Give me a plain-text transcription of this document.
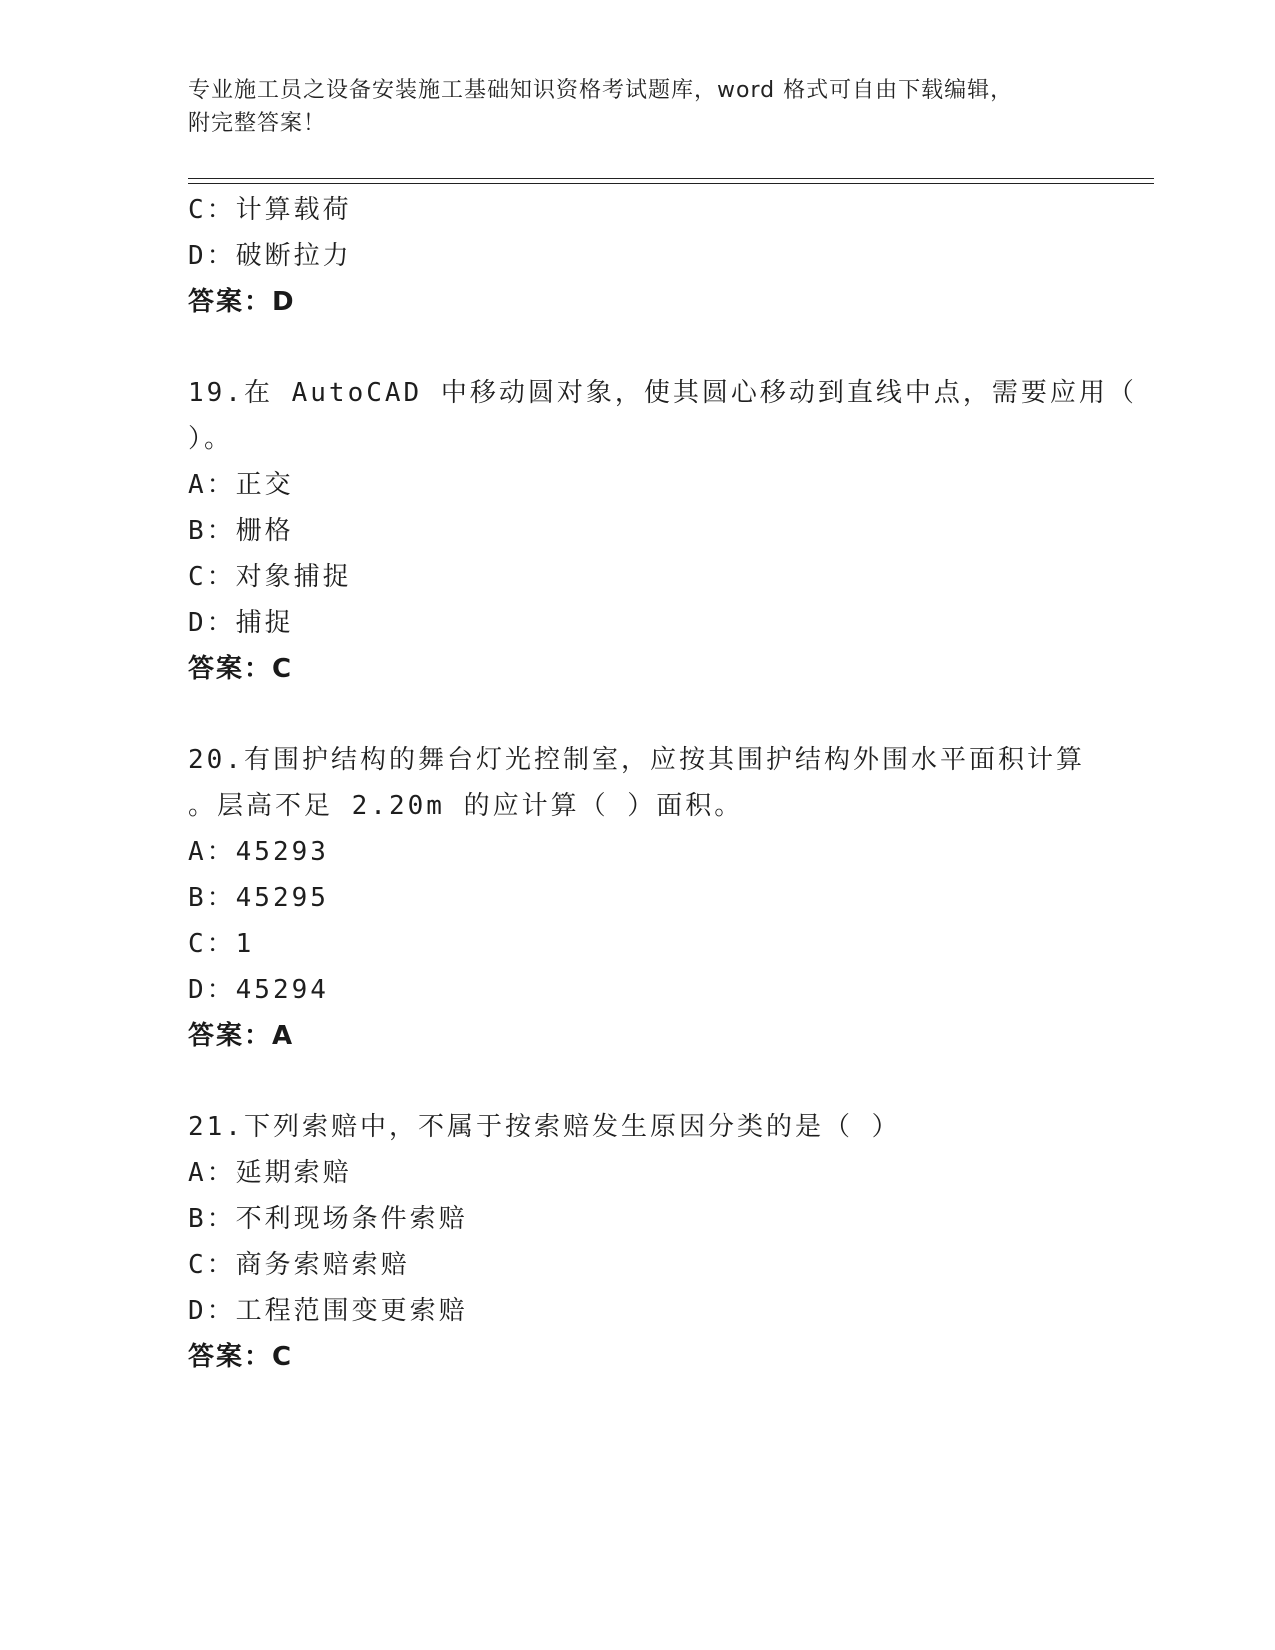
专业施工员之设备安装施工基础知识资格考试题库，word 格式可自由下载编辑，
附完整答案！
C：计算载荷
D：破断拉力
答案：D
19.在 AutoCAD 中移动圆对象，使其圆心移动到直线中点，需要应用（
）。
A：正交
B：栅格
C：对象捕捉
D：捕捉
答案：C
20.有围护结构的舞台灯光控制室，应按其围护结构外围水平面积计算
。层高不足 2.20m 的应计算（ ）面积。
A：45293
B：45295
C：1
D：45294
答案：A
21.下列索赔中，不属于按索赔发生原因分类的是（ ）
A：延期索赔
B：不利现场条件索赔
C：商务索赔索赔
D：工程范围变更索赔
答案：C
